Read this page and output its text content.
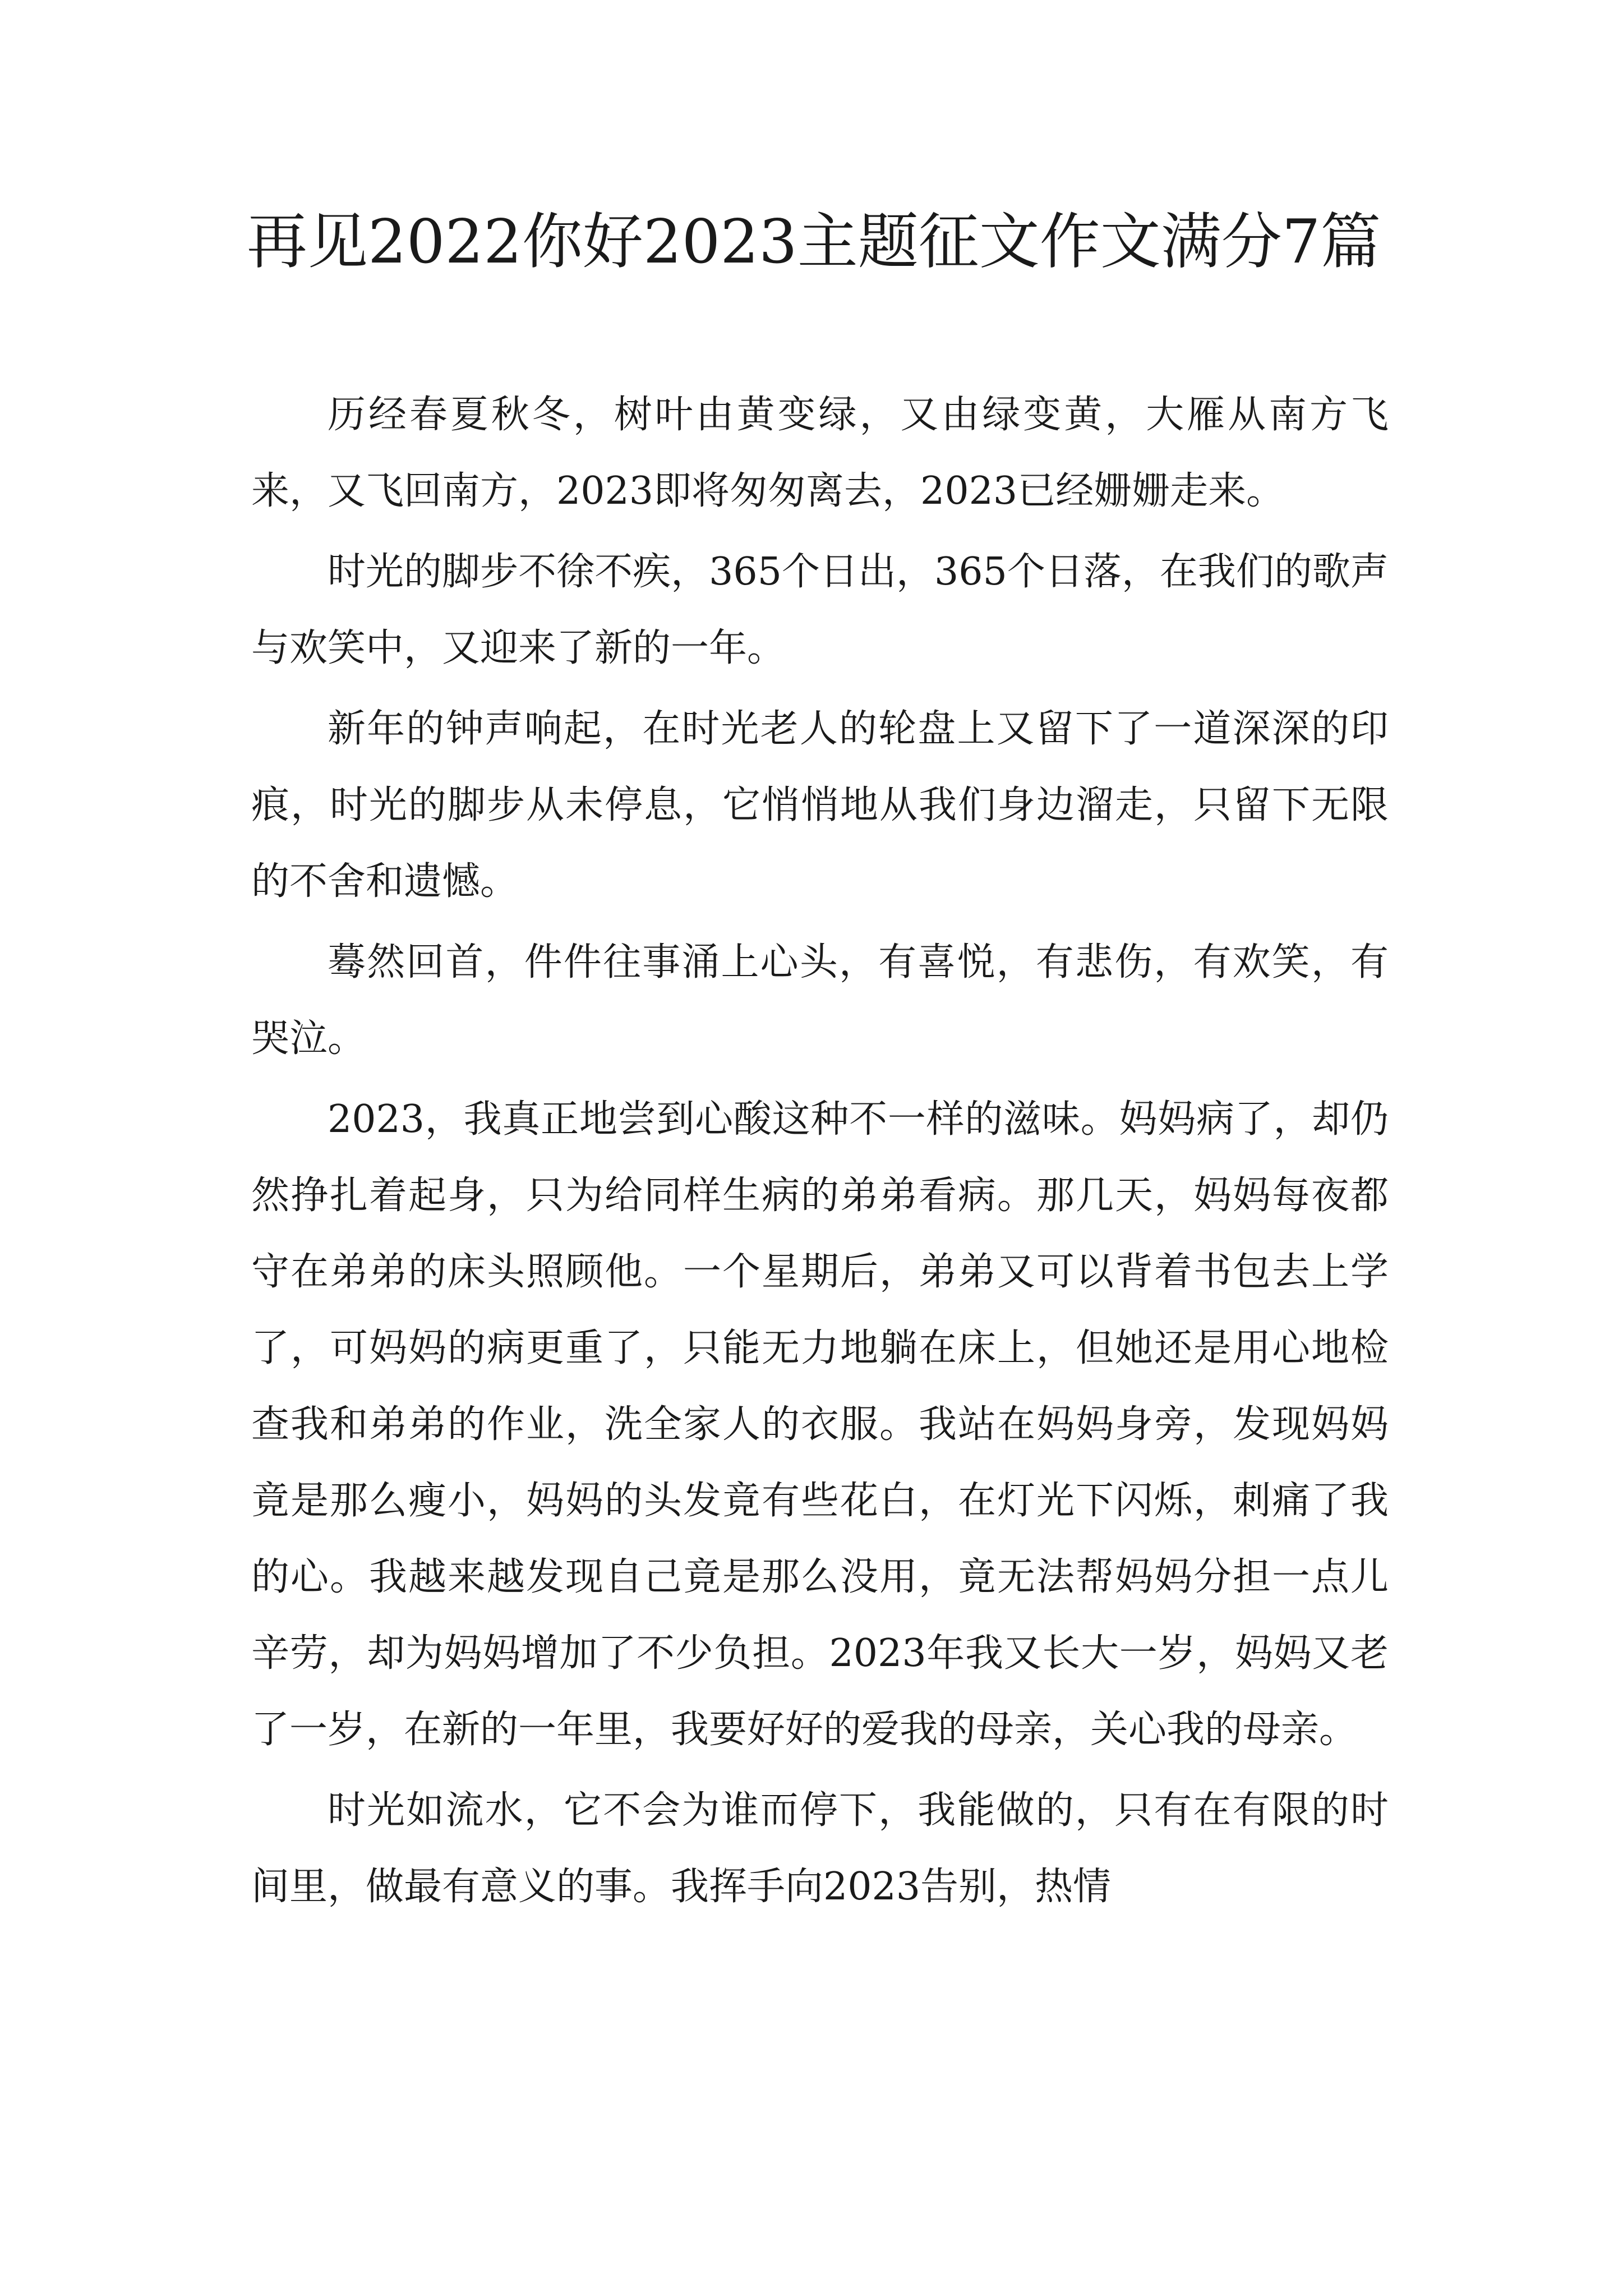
再见2022你好2023主题征文作文满分7篇

历经春夏秋冬，树叶由黄变绿，又由绿变黄，大雁从南方飞来，又飞回南方，2023即将匆匆离去，2023已经姗姗走来。

时光的脚步不徐不疾，365个日出，365个日落，在我们的歌声与欢笑中，又迎来了新的一年。

新年的钟声响起，在时光老人的轮盘上又留下了一道深深的印痕，时光的脚步从未停息，它悄悄地从我们身边溜走，只留下无限的不舍和遗憾。

蓦然回首，件件往事涌上心头，有喜悦，有悲伤，有欢笑，有哭泣。

2023，我真正地尝到心酸这种不一样的滋味。妈妈病了，却仍然挣扎着起身，只为给同样生病的弟弟看病。那几天，妈妈每夜都守在弟弟的床头照顾他。一个星期后，弟弟又可以背着书包去上学了，可妈妈的病更重了，只能无力地躺在床上，但她还是用心地检查我和弟弟的作业，洗全家人的衣服。我站在妈妈身旁，发现妈妈竟是那么瘦小，妈妈的头发竟有些花白，在灯光下闪烁，刺痛了我的心。我越来越发现自己竟是那么没用，竟无法帮妈妈分担一点儿辛劳，却为妈妈增加了不少负担。2023年我又长大一岁，妈妈又老了一岁，在新的一年里，我要好好的爱我的母亲，关心我的母亲。

时光如流水，它不会为谁而停下，我能做的，只有在有限的时间里，做最有意义的事。我挥手向2023告别，热情
